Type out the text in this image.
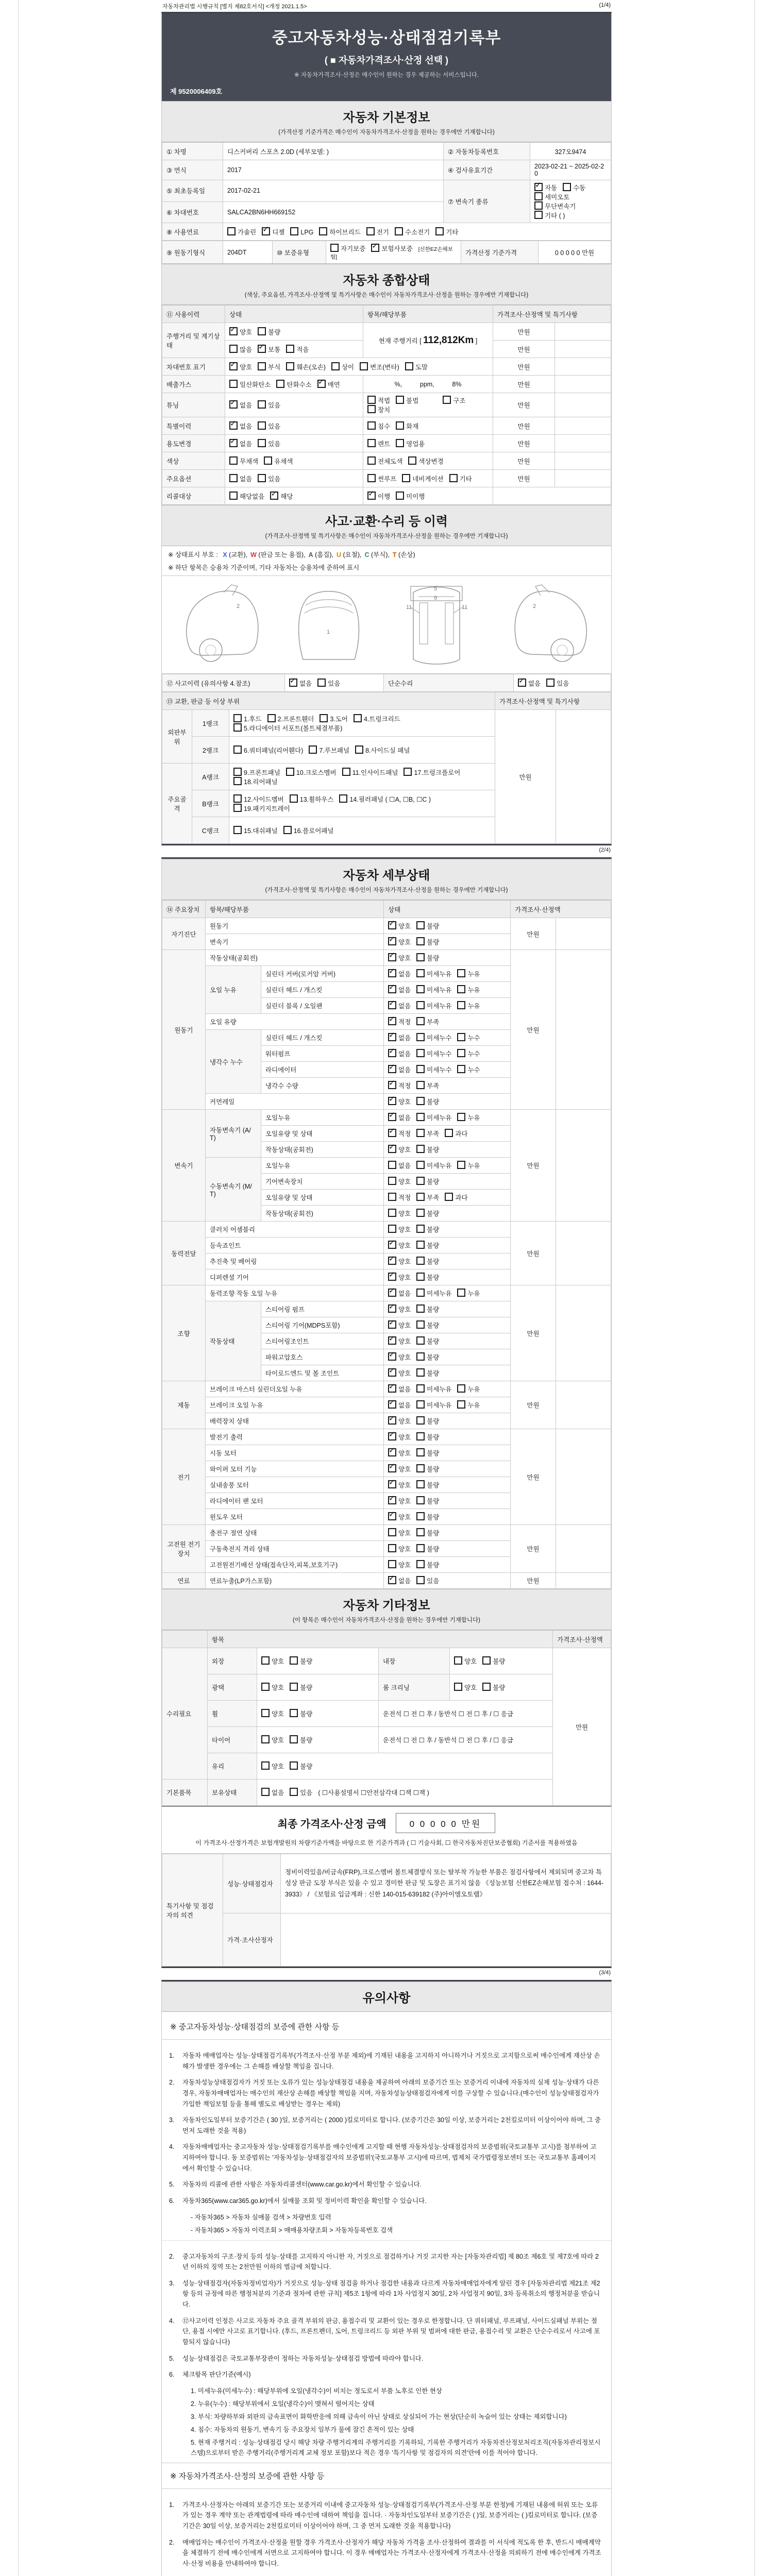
자동차관리법 시행규칙 [별지 제82호서식] <개정 2021.1.5>	(1/4)
중고자동차성능·상태점검기록부
( ■ 자동차가격조사·산정 선택 )
※ 자동차가격조사·산정은 매수인이 원하는 경우 제공하는 서비스입니다.
제 9520006409호
자동차 기본정보
(가격산정 기준가격은 매수인이 자동차가격조사·산정을 원하는 경우에만 기재합니다)
① 차명	디스커버리 스포츠 2.0D (세부모델: )	② 자동차등록번호	327오9474
③ 연식	2017	④ 검사유효기간	2023-02-21 ~ 2025-02-20
⑤ 최초등록일	2017-02-21	⑦ 변속기 종류	
✓자동 수동세미오토
무단변속기기타 ( )

⑥ 차대번호	SALCA2BN6HH669152		
⑧ 사용연료	가솔린 ✓ 디젤 LPG 하이브리드 전기 수소전기 기타
⑨ 원동기형식	204DT	⑩ 보증유형	자기보증 ✓ 보험사보증 [신한EZ손해보험]	가격산정 기준가격	0 0 0 0 0 만원
자동차 종합상태
(색상, 주요옵션, 가격조사·산정액 및 특기사항은 매수인이 자동차가격조사·산정을 원하는 경우에만 기재합니다)
⑪ 사용이력	상태	항목/해당부품	가격조사·산정액 및 특기사항	
주행거리 및 계기상태	✓양호 불량	현재 주행거리 [ 112,812Km ]	만원	
	많음 ✓ 보통 적음		만원	
차대번호 표기	✓양호 부식 훼손(오손) 상이 변조(변타) 도말		만원	
배출가스	일산화탄소 탄화수소 ✓ 매연	%,          ppm,          8%	만원	
튜닝	✓없음 있음	적법 불법 구조장치	만원	
특별이력	✓없음 있음	침수 화재	만원	
용도변경	✓없음 있음	렌트 영업용	만원	
색상	무채색 유채색	전체도색 색상변경	만원	
주요옵션	없음 있음	썬루프 네비게이션 기타	만원	
리콜대상	해당없음 ✓ 해당	✓이행 미이행	
사고·교환·수리 등 이력
(가격조사·산정액 및 특기사항은 매수인이 자동차가격조사·산정을 원하는 경우에만 기재합니다)
※ 상태표시 부호 : X (교환), W (판금 또는 용접), A (흠집), U (요철), C (부식), T (손상)
※ 하단 항목은 승용차 기준이며, 기타 자동차는 승용차에 준하여 표시
2
1
5
9
11	11	2
⑫ 사고이력 (유의사항 4.참조)	✓없음 있음	단순수리	✓없음 있음
⑬ 교환, 판금 등 이상 부위			가격조사·산정액 및 특기사항	
외판부위	1랭크	1.후드 2.프론트휀더 3.도어 4.트렁크리드5.라디에이터 서포트(볼트체결부품)	만원	
	2랭크	6.쿼터패널(리어휀다) 7.루브패널 8.사이드실 패널		
주요골격	A랭크	9.프론트패널 10.크로스멤버 11.인사이드패널 17.트렁크플로어18.리어패널		
	B랭크	12.사이드멤버 13.휠하우스 14.필러패널 ( ☐A, ☐B, ☐C )19.패키지트레이		
	C랭크	15.대쉬패널 16.플로어패널		
(2/4)
자동차 세부상태
(가격조사·산정액 및 특기사항은 매수인이 자동차가격조사·산정을 원하는 경우에만 기재합니다)
⑭ 주요장치	항목/해당부품		상태	가격조사·산정액	
자기진단	원동기	✓양호 불량	만원	
	변속기	✓양호 불량
원동기	작동상태(공회전)	✓양호 불량	만원	
	오일 누유	실린더 커버(로커암 커버)	✓없음 미세누유 누유
		실린더 헤드 / 개스킷	✓없음 미세누유 누유
		실린더 블록 / 오일팬	✓없음 미세누유 누유
	오일 유량	✓적정 부족
	냉각수 누수	실린더 헤드 / 개스킷	✓없음 미세누수 누수
		워터펌프	✓없음 미세누수 누수
		라디에이터	✓없음 미세누수 누수
		냉각수 수량	✓적정 부족
	커먼레일	✓양호 불량
변속기	자동변속기 (A/T)	오일누유	✓없음 미세누유 누유	만원	
		오일유량 및 상태	✓적정 부족 과다
		작동상태(공회전)	✓양호 불량
	수동변속기 (M/T)	오일누유	없음 미세누유 누유		
		기어변속장치	양호 불량		
		오일유량 및 상태	적정 부족 과다		
		작동상태(공회전)	양호 불량		
동력전달	클러치 어셈블리		양호 불량	만원	
	등속죠인트	✓양호 불량
	추진축 및 베어링	✓양호 불량
	디퍼렌셜 기어	✓양호 불량
조향	동력조향 작동 오일 누유	✓없음 미세누유 누유	만원	
	작동상태	스티어링 펌프	✓양호 불량
		스티어링 기어(MDPS포함)	✓양호 불량
		스티어링조인트	✓양호 불량
		파워고압호스	✓양호 불량
		타이로드엔드 및 볼 조인트	✓양호 불량
제동	브레이크 마스터 실린더오일 누유	✓없음 미세누유 누유	만원	
	브레이크 오일 누유	✓없음 미세누유 누유
	배력장치 상태	✓양호 불량
전기	발전기 출력	✓양호 불량	만원	
	시동 모터	✓양호 불량
	와이퍼 모터 기능	✓양호 불량
	실내송풍 모터	✓양호 불량
	라디에이터 팬 모터	✓양호 불량
	윈도우 모터	✓양호 불량
고전원 전기장치	충전구 절연 상태		양호 불량	만원	
	구동축전지 격리 상태		양호 불량		
	고전원전기배선 상태(접속단자,피복,보호기구)		양호 불량		
연료	연료누출(LP가스포함)	✓없음 있음	만원	
자동차 기타정보
(이 항목은 매수인이 자동차가격조사·산정을 원하는 경우에만 기재합니다)
	항목				가격조사·산정액
수리필요	외장	양호 불량	내장	양호 불량	만원
	광택	양호 불량	룸 크리닝	양호 불량	
	휠	양호 불량	운전석 ☐ 전 ☐ 후 / 동반석 ☐ 전 ☐ 후 / ☐ 응급		
	타이어	양호 불량	운전석 ☐ 전 ☐ 후 / 동반석 ☐ 전 ☐ 후 / ☐ 응급		
	유리	양호 불량			
기본품목	보유상태	없음 있음 ( ☐사용설명서 ☐안전삼각대 ☐잭 ☐잭 )			
최종 가격조사·산정 금액	0 0 0 0 0 만원
이 가격조사·산정가격은 보험개발원의 차량기준가액을 바탕으로 한 기준가격과 ( ☐ 기술사회, ☐ 한국자동차진단보증협회) 기준서를 적용하였음
특기사항 및 점검자의 의견	성능·상태점검자	정비이력있음/비금속(FRP),크로스멤버 볼트체결방식 또는 탈부착 가능한 부품은 점검사항에서 제외되며 중고차 특성상 판금 도장 부식은 있을 수 있고 경미한 판금 및 도장은 표기치 않음 《성능보험 신한EZ손해보험 접수처 : 1644-3933》 / 《보험료 입금계좌 : 신한 140-015-639182 (주)아이엠오토랩》
	가격·조사산정자	
(3/4)
유의사항
※ 중고자동차성능·상태점검의 보증에 관한 사항 등
1.	자동차 매매업자는 성능·상태점검기록부(가격조사·산정 부분 제외)에 기재된 내용을 고지하지 아니하거나 거짓으로 고지함으로써 매수인에게 재산상 손해가 발생한 경우에는 그 손해를 배상할 책임을 집니다.
2.	자동차성능상태점검자가 거짓 또는 오류가 있는 성능상태점검 내용을 제공하여 아래의 보증기간 또는 보증거리 이내에 자동차의 실제 성능·상태가 다른 경우, 자동차매매업자는 매수인의 재산상 손해를 배상할 책임을 지며, 자동차성능상태점검자에게 이를 구상할 수 있습니다.(매수인이 성능상태점검자가 가입한 책임보험 등을 통해 별도로 배상받는 경우는 제외)
3.	자동차인도일부터 보증기간은 ( 30 )일, 보증거리는 ( 2000 )킬로미터로 합니다. (보증기간은 30일 이상, 보증거리는 2천킬로미터 이상이어야 하며, 그 중 먼저 도래한 것을 적용)
4.	자동차매매업자는 중고자동차 성능·상태점검기록부를 매수인에게 고지할 때 현행 자동차성능·상태점검자의 보증범위(국토교통부 고시)를 첨부하여 고지하여야 합니다. 동 보증범위는 '자동차성능·상태점검자의 보증범위'(국토교통부 고시)에 따르며, 법제처 국가법령정보센터 또는 국토교통부 홈페이지에서 확인할 수 있습니다.
5.	자동차의 리콜에 관한 사항은 자동차리콜센터(www.car.go.kr)에서 확인할 수 있습니다.
6.	자동차365(www.car365.go.kr)에서 실매물 조회 및 정비이력 확인을 확인할 수 있습니다.
- 자동차365 > 자동차 실매물 검색 > 차량번호 입력
- 자동차365 > 자동차 이력조회 > 매매용차량조회 > 자동차등록번호 검색
2.	중고자동차의 구조·장치 등의 성능·상태를 고지하지 아니한 자, 거짓으로 점검하거나 거짓 고지한 자는 [자동차관리법] 제 80조 제6호 및 제7호에 따라 2년 이하의 징역 또는 2천만원 이하의 벌금에 처합니다.
3.	성능·상태점검자(자동차정비업자)가 거짓으로 성능·상태 점검을 하거나 점검한 내용과 다르게 자동차매매업자에게 알린 경우 [자동차관리법 제21조 제2항 등의 규정에 따른 행정처분의 기준과 절차에 관한 규칙] 제5조 1항에 따라 1차 사업정지 30일, 2차 사업정지 90일, 3차 등록취소의 행정처분을 받습니다.
4.	⑫사고이력 인정은 사고로 자동차 주요 골격 부위의 판금, 용접수리 및 교환이 있는 경우로 한정합니다. 단 쿼터패널, 루프패널, 사이드실패널 부위는 절단, 용접 시에만 사고로 표기합니다. (후드, 프론트펜더, 도어, 트렁크리드 등 외판 부위 및 범퍼에 대한 판금, 용접수리 및 교환은 단순수리로서 사고에 포함되지 않습니다)
5.	성능·상태점검은 국토교통부장관이 정하는 자동차성능·상태점검 방법에 따라야 합니다.
6.	체크항목 판단기준(예시)
1. 미세누유(미세누수) : 해당부위에 오일(냉각수)이 비치는 정도로서 부품 노후로 인한 현상
2. 누유(누수) : 해당부위에서 오일(냉각수)이 맺혀서 떨어지는 상태
3. 부식: 차량하부와 외판의 금속표면이 화학반응에 의해 금속이 아닌 상태로 상실되어 가는 현상(단순히 녹슬어 있는 상태는 제외합니다)
4. 침수: 자동차의 원동기, 변속기 등 주요장치 일부가 물에 잠긴 흔적이 있는 상태
5. 현재 주행거리 : 성능·상태점검 당시 해당 차량 주행거리계의 주행거리를 기록하되, 기록한 주행거리가 자동차전산정보처리조직(자동차관리정보시스템)으로부터 받은 주행거리(주행거리계 교체 정보 포함)보다 적은 경우 '특기사항 및 점검자의 의견'란에 이를 적어야 합니다.
※ 자동차가격조사·산정의 보증에 관한 사항 등
1.	가격조사·산정자는 아래의 보증기간 또는 보증거리 이내에 중고자동차 성능·상태점검기록부(가격조사·산정 부분 한정)에 기재된 내용에 허위 또는 오류가 있는 경우 계약 또는 관계법령에 따라 매수인에 대하여 책임을 집니다. · 자동차인도일부터 보증기간은 ( )일, 보증거리는 ( )킬로미터로 합니다. (보증기간은 30일 이상, 보증거리는 2천킬로미터 이상이어야 하며, 그 중 먼저 도래한 것을 적용합니다)
2.	매매업자는 매수인이 가격조사·산정을 원할 경우 가격조사·산정자가 해당 자동차 가격을 조사·산정하여 결과를 이 서식에 적도록 한 후, 반드시 매매계약을 체결하기 전에 매수인에게 서면으로 고지하여야 합니다. 이 경우 매매업자는 가격조사·산정자에게 가격조사·산정을 의뢰하기 전에 매수인에게 가격조사·산정 비용을 안내하여야 합니다.
